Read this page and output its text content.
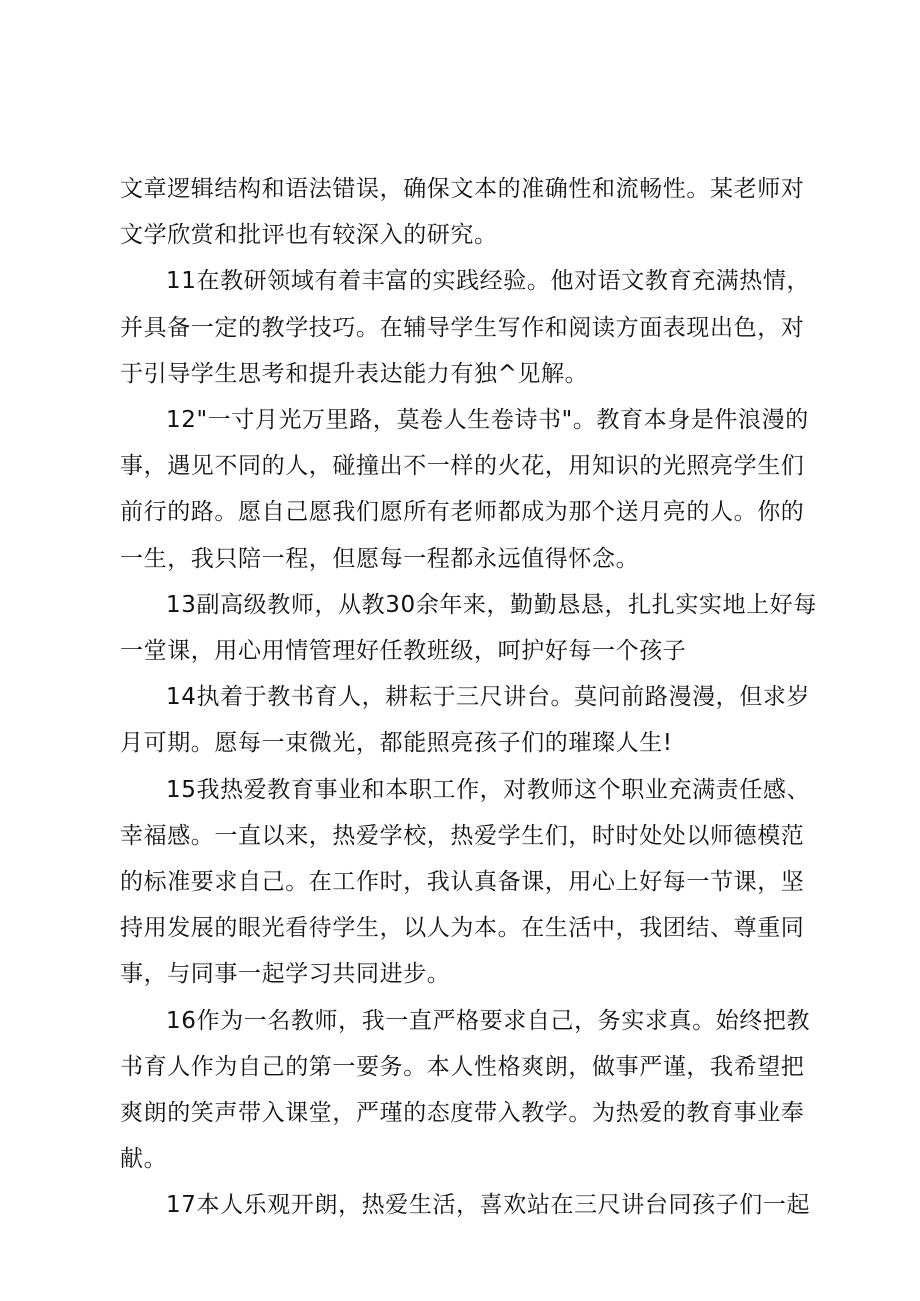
文章逻辑结构和语法错误，确保文本的准确性和流畅性。某老师对文学欣赏和批评也有较深入的研究。

11在教研领域有着丰富的实践经验。他对语文教育充满热情，并具备一定的教学技巧。在辅导学生写作和阅读方面表现出色，对于引导学生思考和提升表达能力有独^见解。

12"一寸月光万里路，莫卷人生卷诗书"。教育本身是件浪漫的事，遇见不同的人，碰撞出不一样的火花，用知识的光照亮学生们前行的路。愿自己愿我们愿所有老师都成为那个送月亮的人。你的一生，我只陪一程，但愿每一程都永远值得怀念。

13副高级教师，从教30余年来，勤勤恳恳，扎扎实实地上好每一堂课，用心用情管理好任教班级，呵护好每一个孩子

14执着于教书育人，耕耘于三尺讲台。莫问前路漫漫，但求岁月可期。愿每一束微光，都能照亮孩子们的璀璨人生!

15我热爱教育事业和本职工作，对教师这个职业充满责任感、幸福感。一直以来，热爱学校，热爱学生们，时时处处以师德模范的标准要求自己。在工作时，我认真备课，用心上好每一节课，坚持用发展的眼光看待学生，以人为本。在生活中，我团结、尊重同事，与同事一起学习共同进步。

16作为一名教师，我一直严格要求自己，务实求真。始终把教书育人作为自己的第一要务。本人性格爽朗，做事严谨，我希望把爽朗的笑声带入课堂，严瑾的态度带入教学。为热爱的教育事业奉献。

17本人乐观开朗，热爱生活，喜欢站在三尺讲台同孩子们一起
